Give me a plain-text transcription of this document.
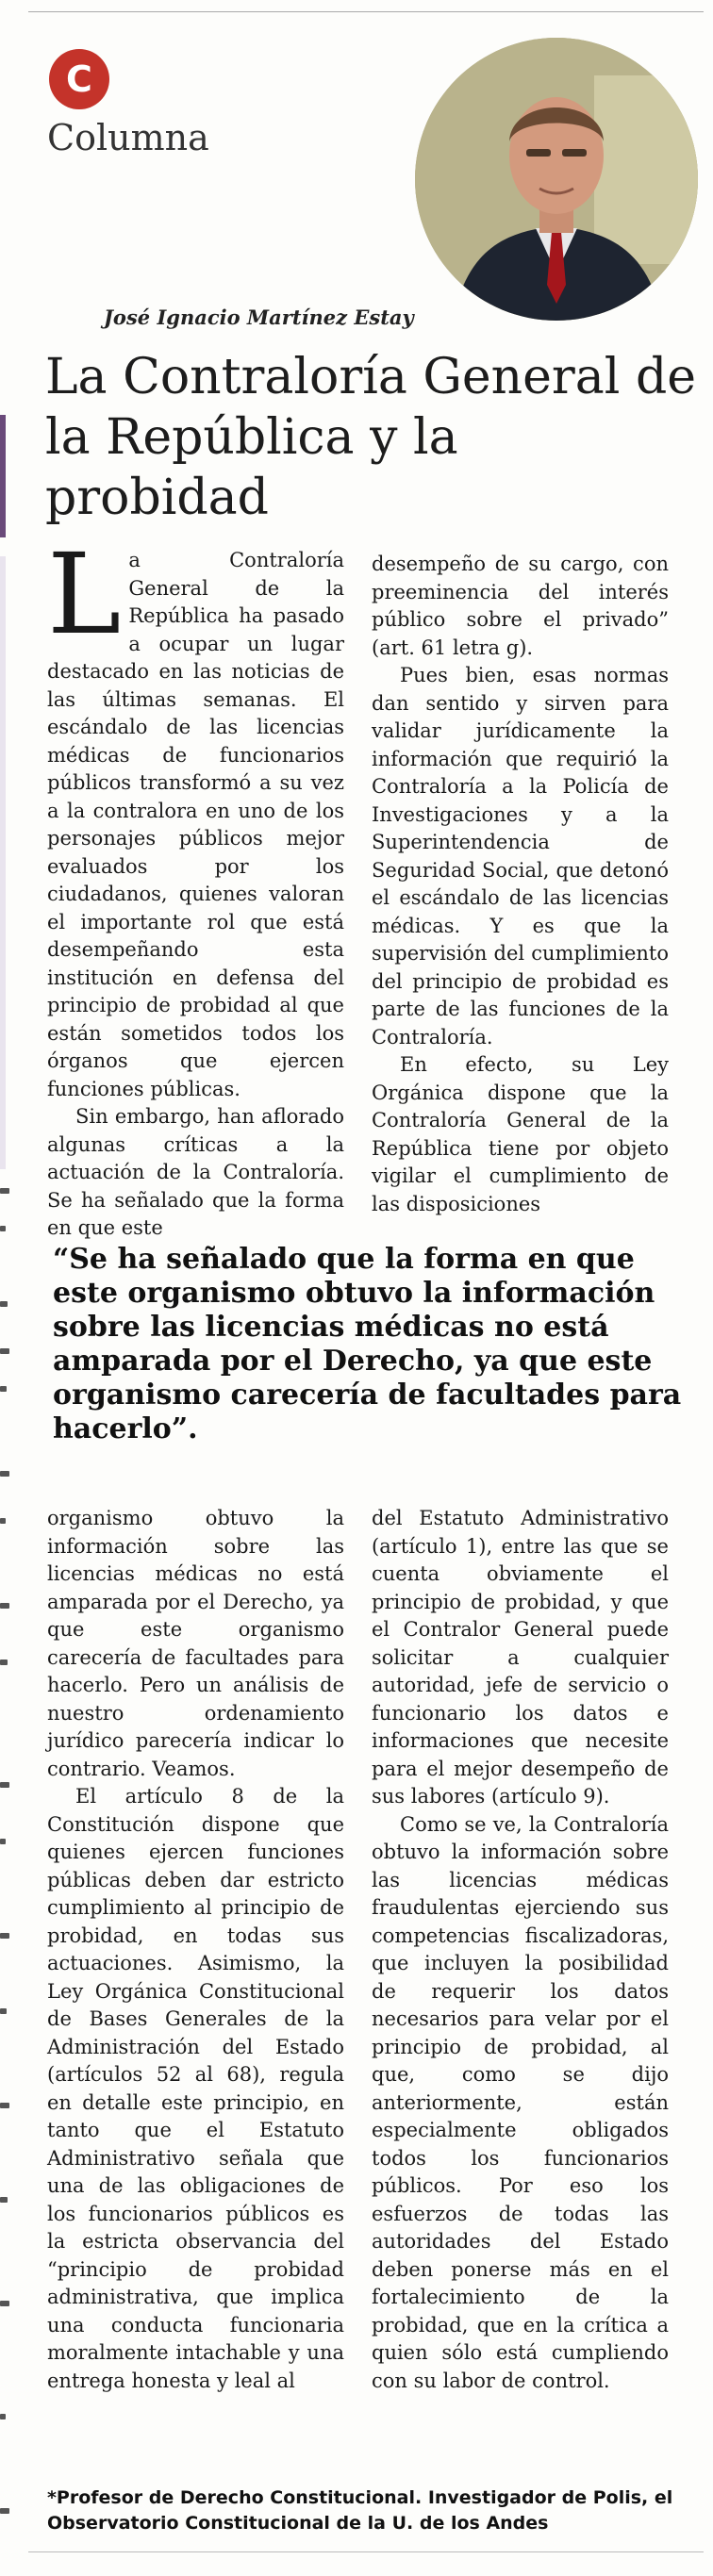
C
Columna
José Ignacio Martínez Estay
La Contraloría General de la República y la probidad
L a Contraloría General de la República ha pasado a ocupar un lugar destacado en las noticias de las últimas semanas. El escándalo de las licencias médicas de funcionarios públicos transformó a su vez a la contralora en uno de los personajes públicos mejor evaluados por los ciudadanos, quienes valoran el importante rol que está desempeñando esta institución en defensa del principio de probidad al que están sometidos todos los órganos que ejercen funciones públicas.

Sin embargo, han aflorado algunas críticas a la actuación de la Contraloría. Se ha señalado que la forma en que este

desempeño de su cargo, con preeminencia del interés público sobre el privado” (art. 61 letra g).

Pues bien, esas normas dan sentido y sirven para validar jurídicamente la información que requirió la Contraloría a la Policía de Investigaciones y a la Superintendencia de Seguridad Social, que detonó el escándalo de las licencias médicas. Y es que la supervisión del cumplimiento del principio de probidad es parte de las funciones de la Contraloría.

En efecto, su Ley Orgánica dispone que la Contraloría General de la República tiene por objeto vigilar el cumplimiento de las disposiciones

“Se ha señalado que la forma en que este organismo obtuvo la información sobre las licencias médicas no está amparada por el Derecho, ya que este organismo carecería de facultades para hacerlo”.

organismo obtuvo la información sobre las licencias médicas no está amparada por el Derecho, ya que este organismo carecería de facultades para hacerlo. Pero un análisis de nuestro ordenamiento jurídico parecería indicar lo contrario. Veamos.

El artículo 8 de la Constitución dispone que quienes ejercen funciones públicas deben dar estricto cumplimiento al principio de probidad, en todas sus actuaciones. Asimismo, la Ley Orgánica Constitucional de Bases Generales de la Administración del Estado (artículos 52 al 68), regula en detalle este principio, en tanto que el Estatuto Administrativo señala que una de las obligaciones de los funcionarios públicos es la estricta observancia del “principio de probidad administrativa, que implica una conducta funcionaria moralmente intachable y una entrega honesta y leal al

del Estatuto Administrativo (artículo 1), entre las que se cuenta obviamente el principio de probidad, y que el Contralor General puede solicitar a cualquier autoridad, jefe de servicio o funcionario los datos e informaciones que necesite para el mejor desempeño de sus labores (artículo 9).

Como se ve, la Contraloría obtuvo la información sobre las licencias médicas fraudulentas ejerciendo sus competencias fiscalizadoras, que incluyen la posibilidad de requerir los datos necesarios para velar por el principio de probidad, al que, como se dijo anteriormente, están especialmente obligados todos los funcionarios públicos. Por eso los esfuerzos de todas las autoridades del Estado deben ponerse más en el fortalecimiento de la probidad, que en la crítica a quien sólo está cumpliendo con su labor de control.

*Profesor de Derecho Constitucional. Investigador de Polis, el Observatorio Constitucional de la U. de los Andes
